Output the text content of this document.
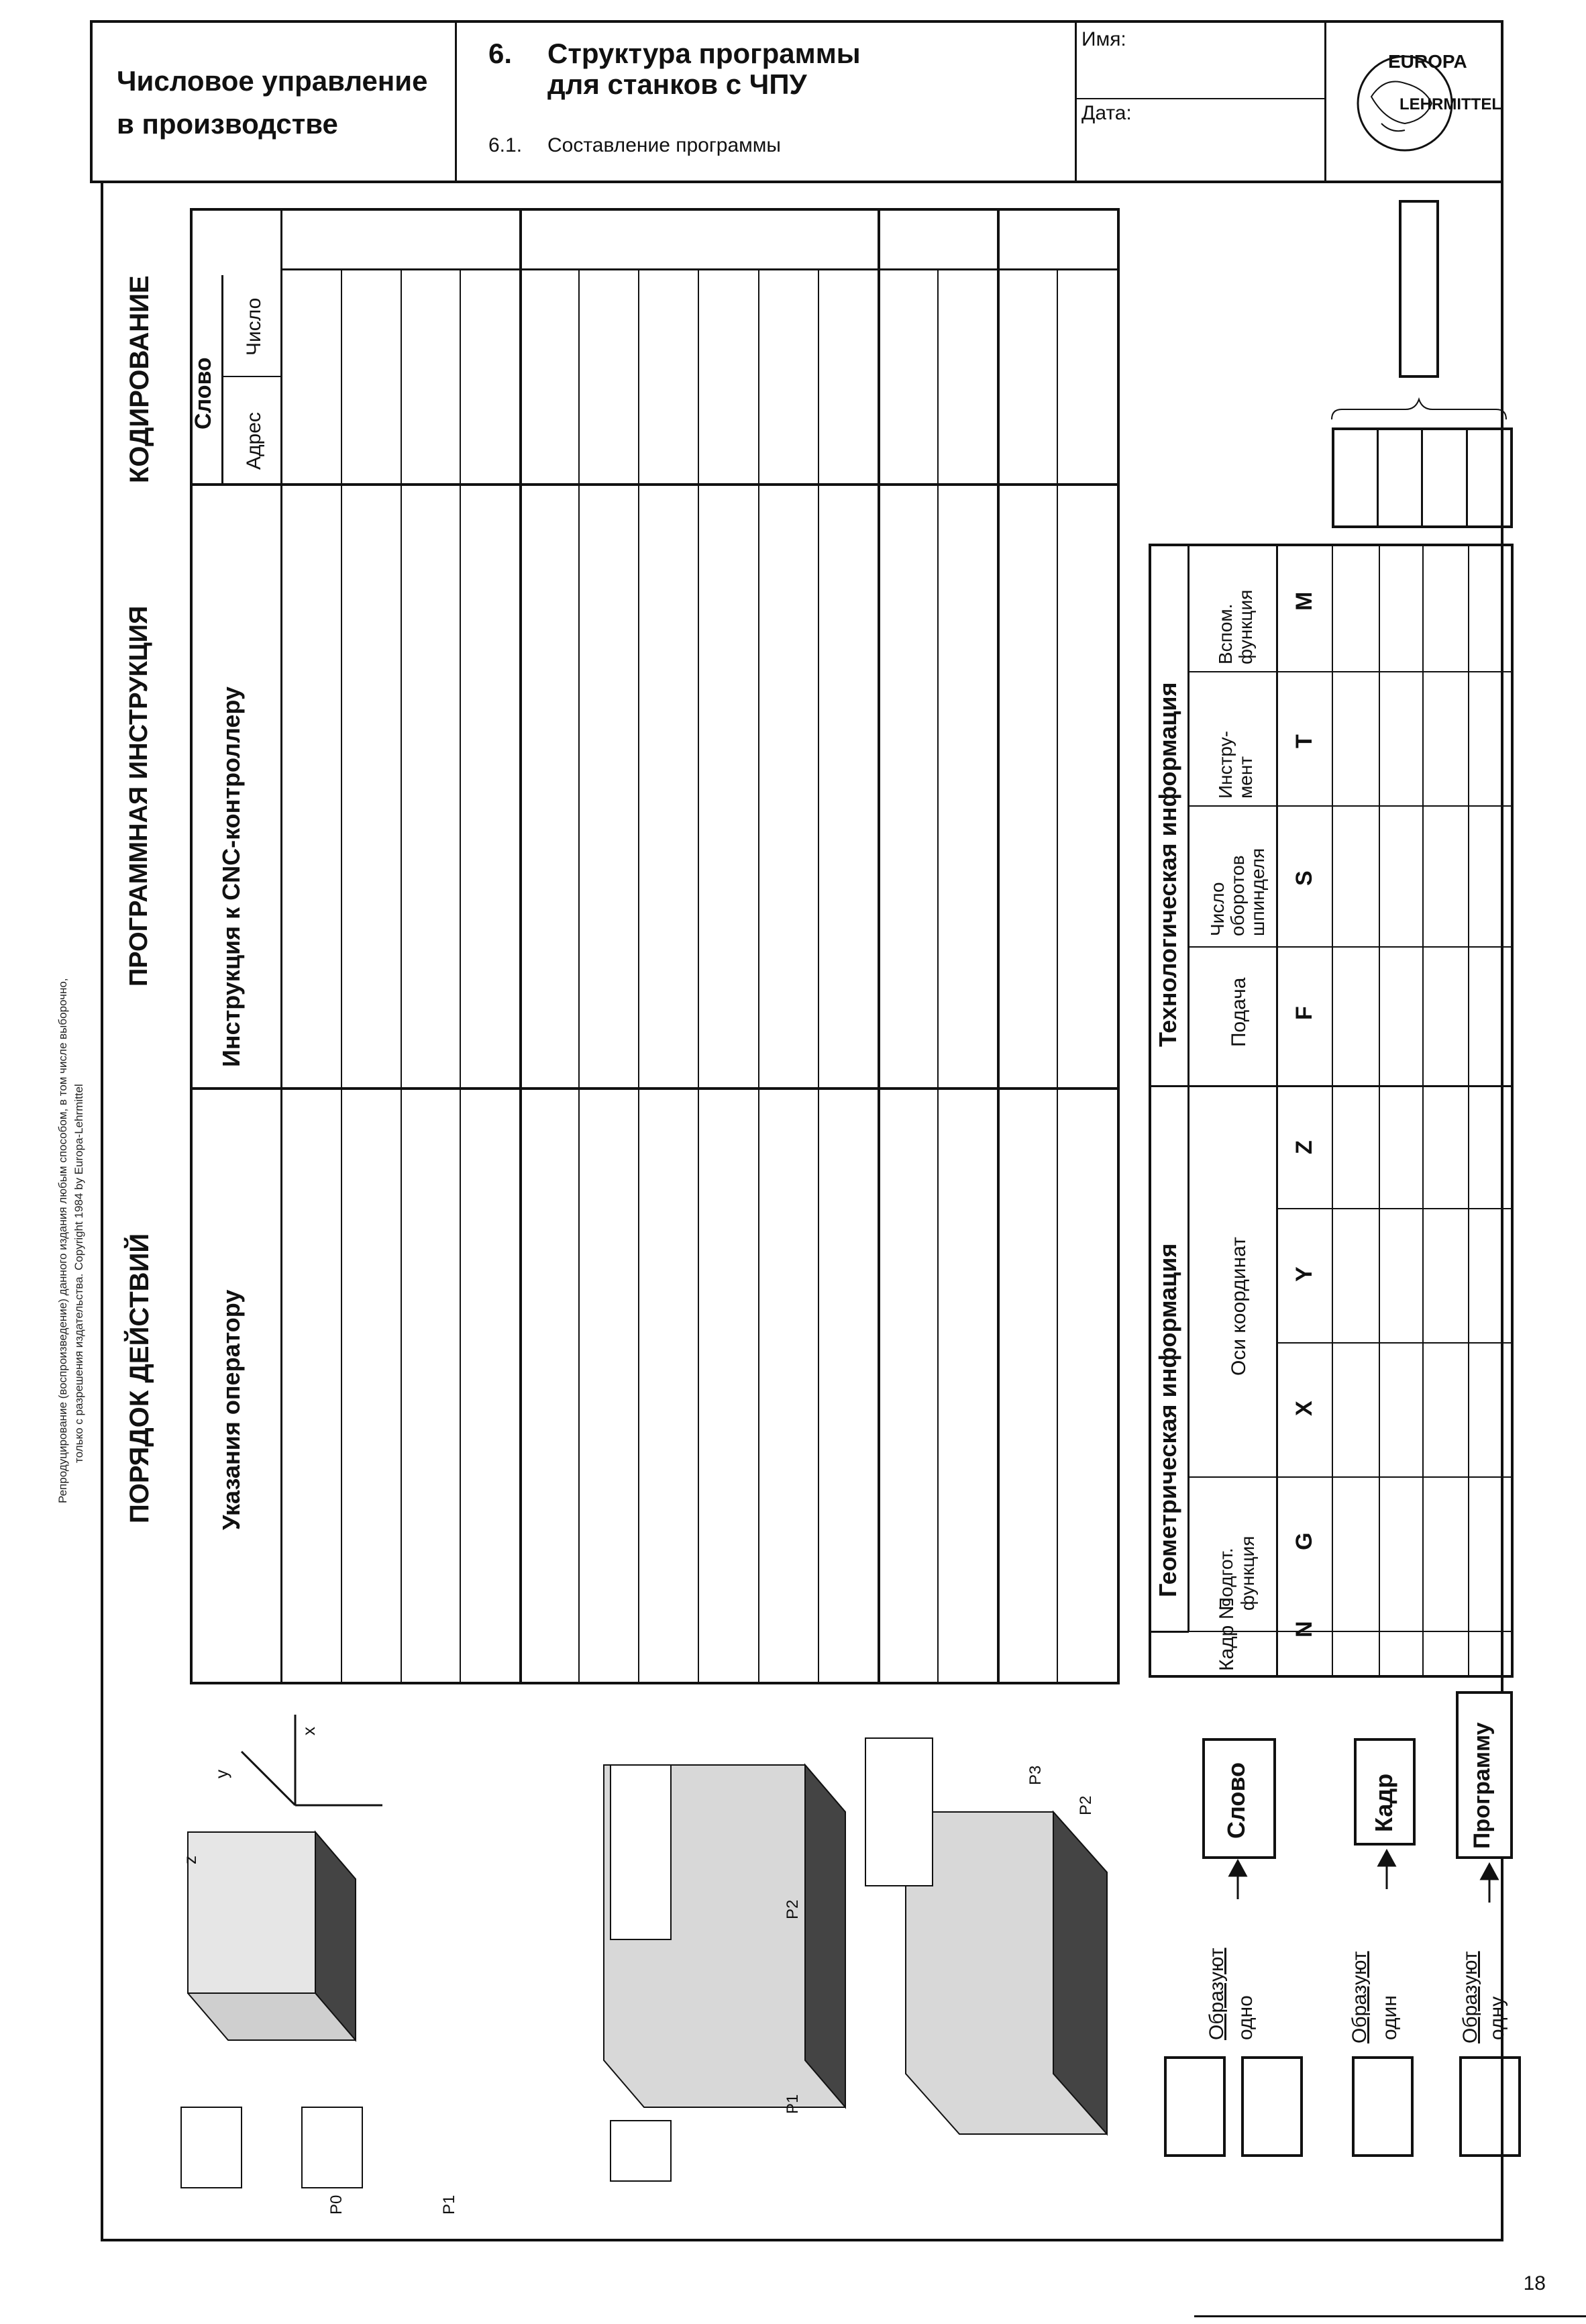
Числовое управление
в производстве
6. Структура программы
для станков с ЧПУ
6.1. Составление программы
Имя:
Дата:
EUROPA
LEHRMITTEL
Репродуцирование (воспроизведение) данного издания любым способом, в том числе выборочно, только с разрешения издательства. Copyright 1984 by Europa-Lehrmittel ПОРЯДОК ДЕЙСТВИЙ
ПРОГРАММНАЯ ИНСТРУКЦИЯ
КОДИРОВАНИЕ
Указания оператору
Инструкция к CNC-контроллеру
Слово
Адрес
Число
Геометрическая информация
Технологическая информация
Кадр №
Подгот. функция
Оси координат
Подача
Число оборотов шпинделя
Инстру-мент
Вспом. функция
N
G
X
Y
Z
F
S
T
M
Образуют одно
Слово
Образуют один
Кадр
Образуют одну
Программу
x
y
z
P0	P1
P2
P1
P3
P2
18
